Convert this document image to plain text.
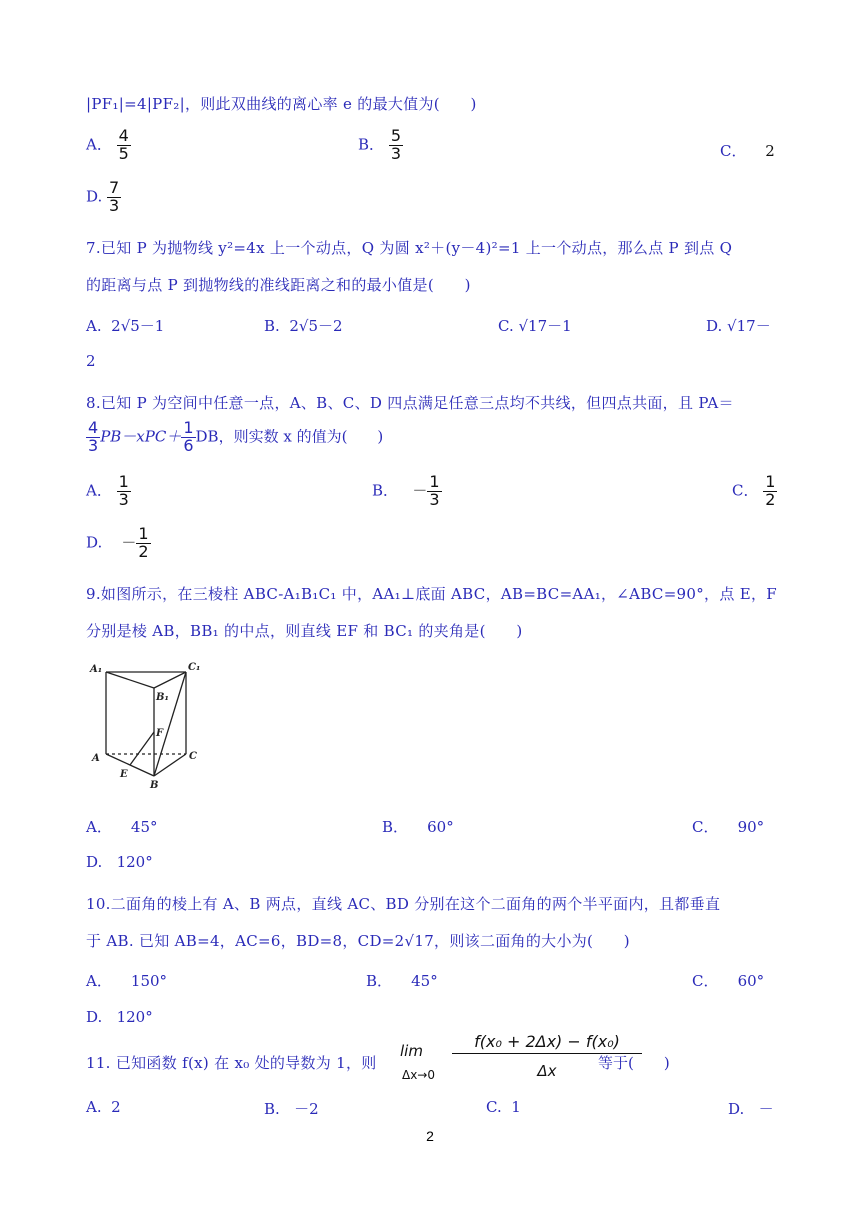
|PF₁|=4|PF₂|，则此双曲线的离心率 e 的最大值为(　　)
A． $\frac{4}{5}$	B． $\frac{5}{3}$	C． 2
D. $\frac{7}{3}$
7.已知 P 为抛物线 y²=4x 上一个动点，Q 为圆 x²＋(y－4)²=1 上一个动点，那么点 P 到点 Q
的距离与点 P 到抛物线的准线距离之和的最小值是(　　)
A. 2√5－1	B. 2√5－2	C. √17－1	D. √17－
2
8.已知 P 为空间中任意一点，A、B、C、D 四点满足任意三点均不共线，但四点共面，且 PA＝
$\frac{4}{3} PB-xPC+ \frac{1}{6}$ DB，则实数 x 的值为(　　)
A． $\frac{1}{3}$	B． － $\frac{1}{3}$	C． $\frac{1}{2}$
D. － $\frac{1}{2}$
9.如图所示，在三棱柱 ABC-A₁B₁C₁ 中，AA₁⊥底面 ABC，AB=BC=AA₁，∠ABC=90°，点 E，F
分别是棱 AB，BB₁ 的中点，则直线 EF 和 BC₁ 的夹角是(　　)
A₁	C₁
B₁
F
A	C
E
B
A． 45°	B． 60°	C． 90°
D. 120°
10.二面角的棱上有 A、B 两点，直线 AC、BD 分别在这个二面角的两个半平面内，且都垂直
于 AB. 已知 AB=4，AC=6，BD=8，CD=2√17，则该二面角的大小为(　　)
A． 150°	B． 45°	C． 60°
D. 120°
11. 已知函数 f(x) 在 x₀ 处的导数为 1，则
lim
Δx→0
f(x₀ + 2Δx) − f(x₀)
Δx	等于(　　)
A. 2	B. －2	C. 1	D. －
2
